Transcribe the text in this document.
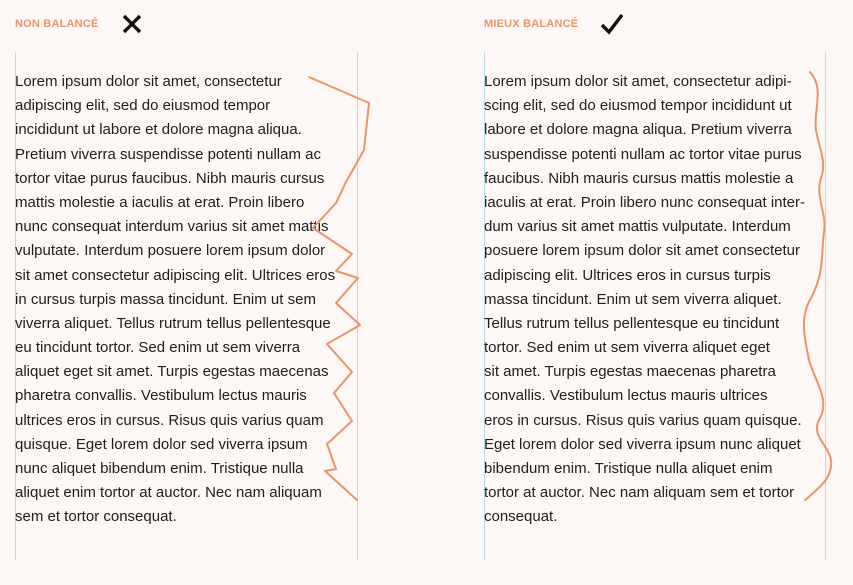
NON BALANCÉ
Lorem ipsum dolor sit amet, consectetur
adipiscing elit, sed do eiusmod tempor
incididunt ut labore et dolore magna aliqua.
Pretium viverra suspendisse potenti nullam ac
tortor vitae purus faucibus. Nibh mauris cursus
mattis molestie a iaculis at erat. Proin libero
nunc consequat interdum varius sit amet mattis
vulputate. Interdum posuere lorem ipsum dolor
sit amet consectetur adipiscing elit. Ultrices eros
in cursus turpis massa tincidunt. Enim ut sem
viverra aliquet. Tellus rutrum tellus pellentesque
eu tincidunt tortor. Sed enim ut sem viverra
aliquet eget sit amet. Turpis egestas maecenas
pharetra convallis. Vestibulum lectus mauris
ultrices eros in cursus. Risus quis varius quam
quisque. Eget lorem dolor sed viverra ipsum
nunc aliquet bibendum enim. Tristique nulla
aliquet enim tortor at auctor. Nec nam aliquam
sem et tortor consequat.
MIEUX BALANCÉ
Lorem ipsum dolor sit amet, consectetur adipi-
scing elit, sed do eiusmod tempor incididunt ut
labore et dolore magna aliqua. Pretium viverra
suspendisse potenti nullam ac tortor vitae purus
faucibus. Nibh mauris cursus mattis molestie a
iaculis at erat. Proin libero nunc consequat inter-
dum varius sit amet mattis vulputate. Interdum
posuere lorem ipsum dolor sit amet consectetur
adipiscing elit. Ultrices eros in cursus turpis
massa tincidunt. Enim ut sem viverra aliquet.
Tellus rutrum tellus pellentesque eu tincidunt
tortor. Sed enim ut sem viverra aliquet eget
sit amet. Turpis egestas maecenas pharetra
convallis. Vestibulum lectus mauris ultrices
eros in cursus. Risus quis varius quam quisque.
Eget lorem dolor sed viverra ipsum nunc aliquet
bibendum enim. Tristique nulla aliquet enim
tortor at auctor. Nec nam aliquam sem et tortor
consequat.
